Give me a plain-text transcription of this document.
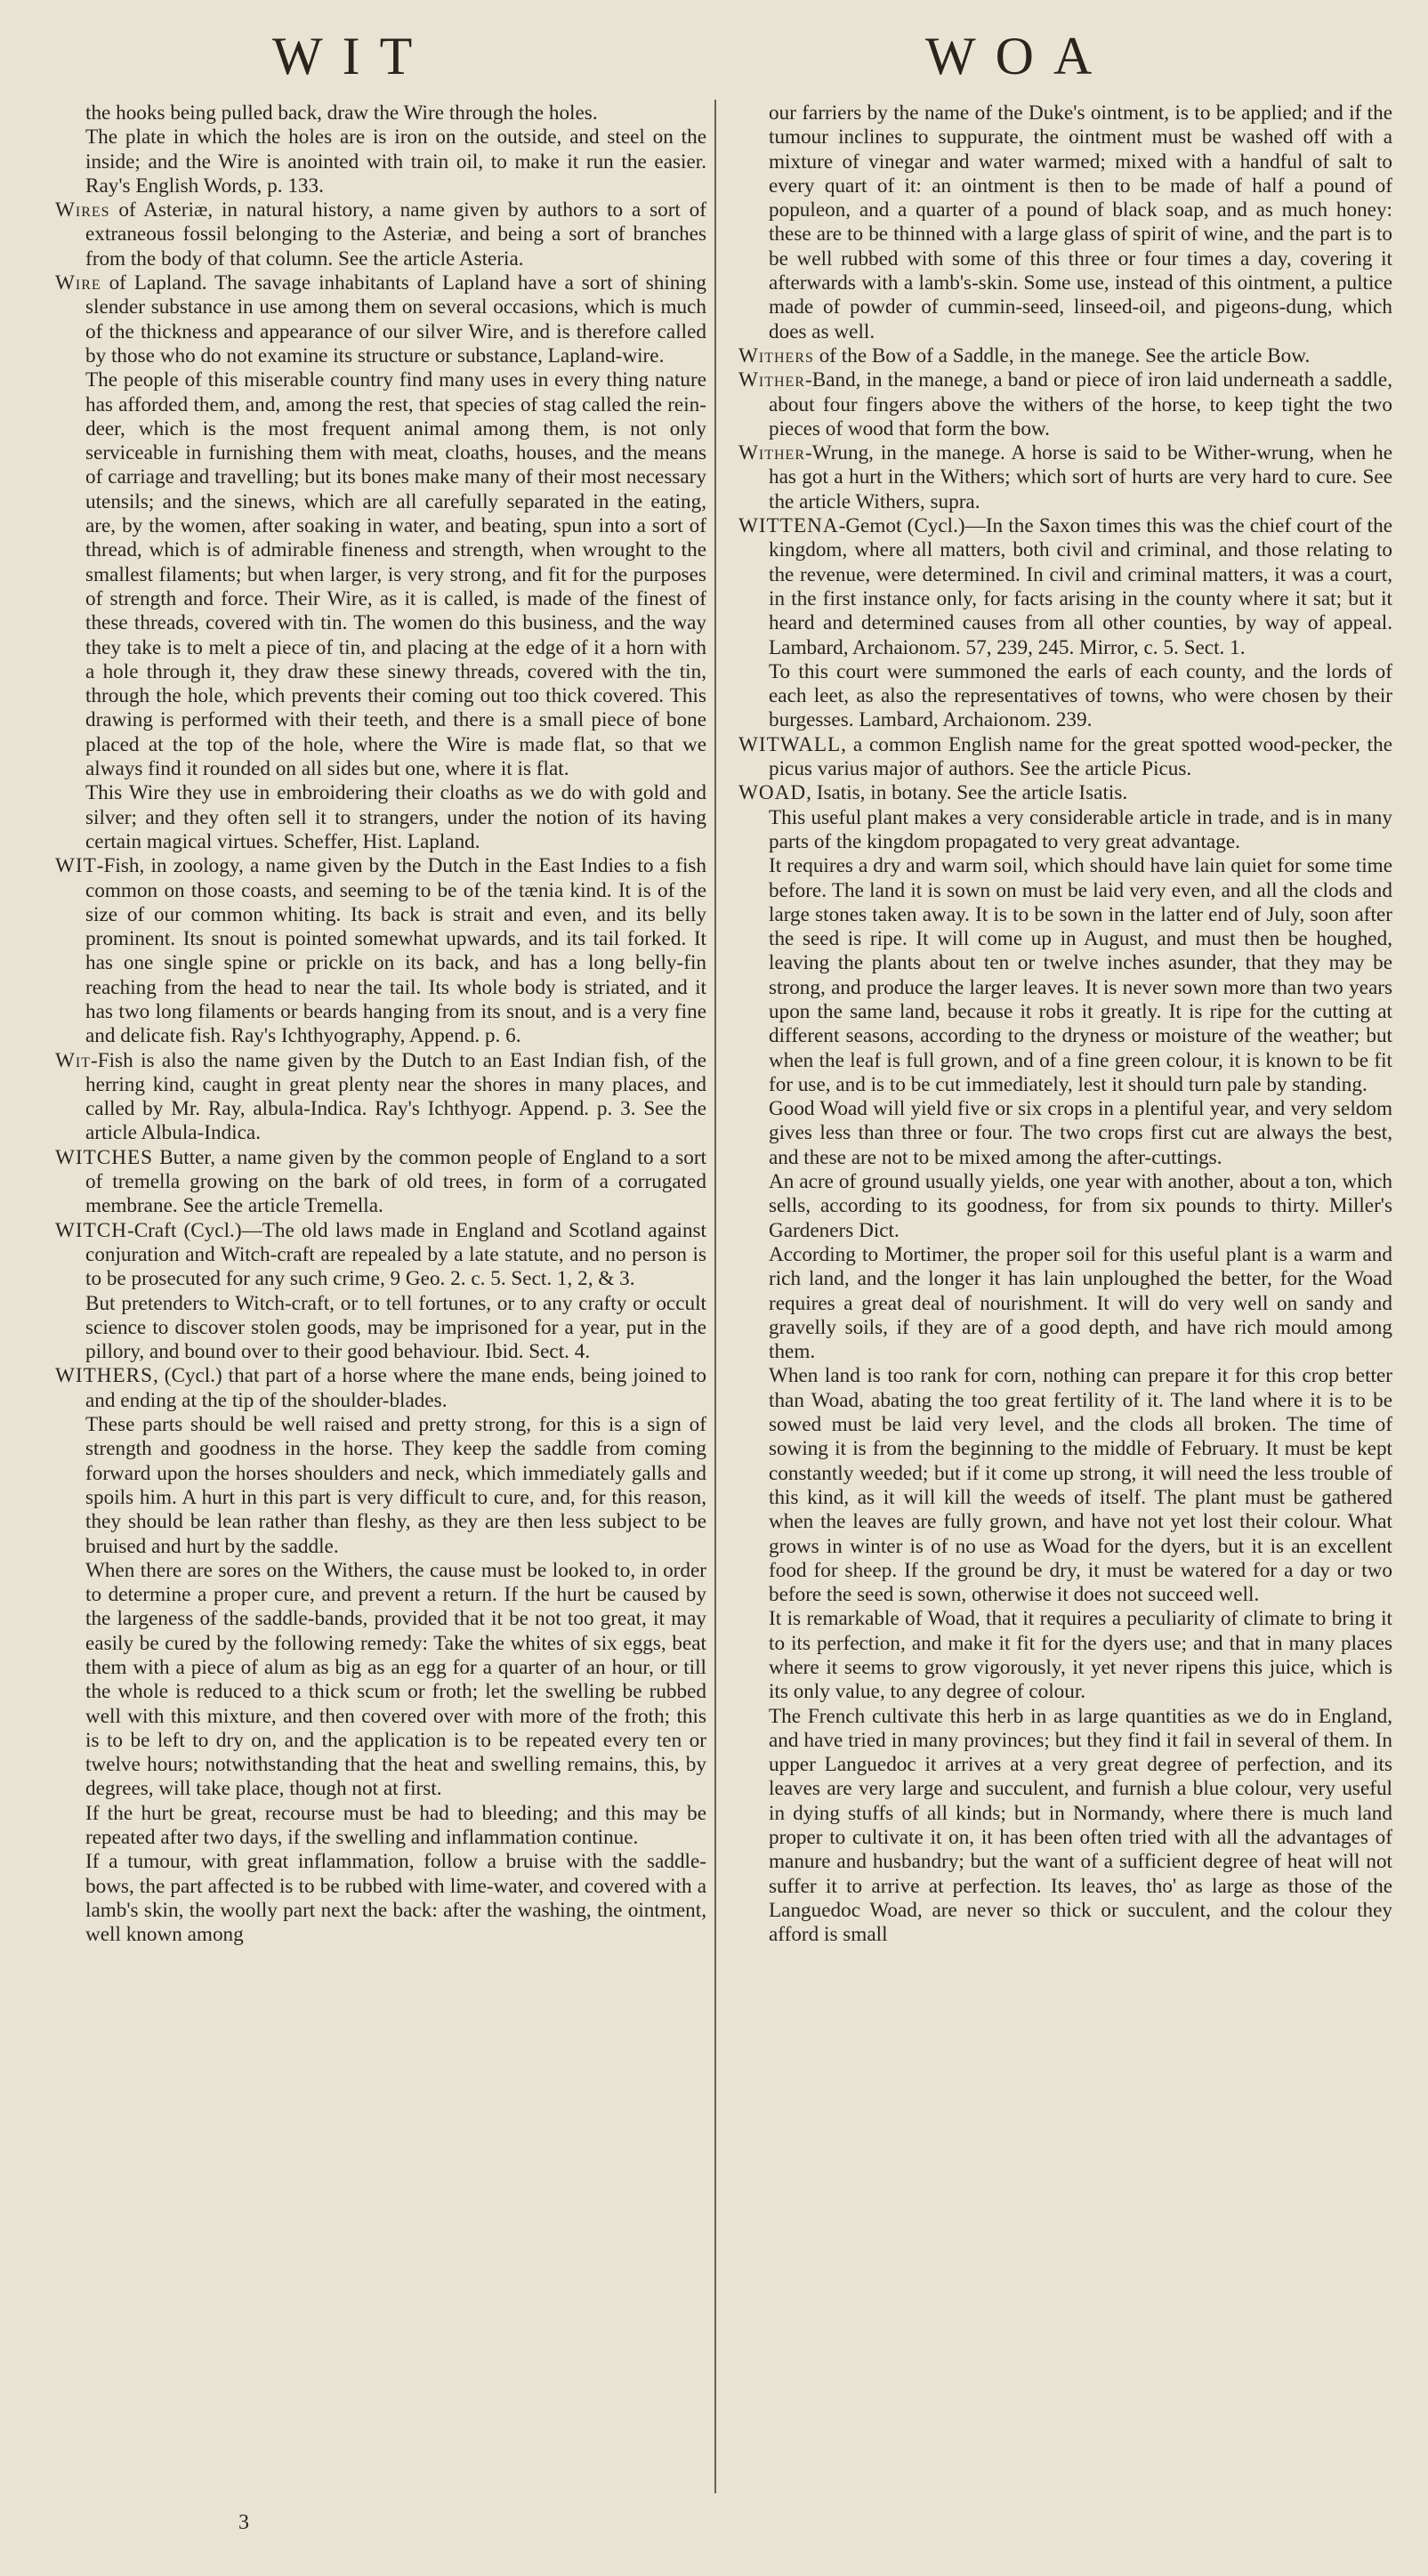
WIT	WOA

the hooks being pulled back, draw the Wire through the holes.

The plate in which the holes are is iron on the outside, and steel on the inside; and the Wire is anointed with train oil, to make it run the easier. Ray's English Words, p. 133.

Wires of Asteriæ, in natural history, a name given by authors to a sort of extraneous fossil belonging to the Asteriæ, and being a sort of branches from the body of that column. See the article Asteria.

Wire of Lapland. The savage inhabitants of Lapland have a sort of shining slender substance in use among them on several occasions, which is much of the thickness and appearance of our silver Wire, and is therefore called by those who do not examine its structure or substance, Lapland-wire.

The people of this miserable country find many uses in every thing nature has afforded them, and, among the rest, that species of stag called the rein-deer, which is the most frequent animal among them, is not only serviceable in furnishing them with meat, cloaths, houses, and the means of carriage and travelling; but its bones make many of their most necessary utensils; and the sinews, which are all carefully separated in the eating, are, by the women, after soaking in water, and beating, spun into a sort of thread, which is of admirable fineness and strength, when wrought to the smallest filaments; but when larger, is very strong, and fit for the purposes of strength and force. Their Wire, as it is called, is made of the finest of these threads, covered with tin. The women do this business, and the way they take is to melt a piece of tin, and placing at the edge of it a horn with a hole through it, they draw these sinewy threads, covered with the tin, through the hole, which prevents their coming out too thick covered. This drawing is performed with their teeth, and there is a small piece of bone placed at the top of the hole, where the Wire is made flat, so that we always find it rounded on all sides but one, where it is flat.

This Wire they use in embroidering their cloaths as we do with gold and silver; and they often sell it to strangers, under the notion of its having certain magical virtues. Scheffer, Hist. Lapland.

WIT-Fish, in zoology, a name given by the Dutch in the East Indies to a fish common on those coasts, and seeming to be of the tænia kind. It is of the size of our common whiting. Its back is strait and even, and its belly prominent. Its snout is pointed somewhat upwards, and its tail forked. It has one single spine or prickle on its back, and has a long belly-fin reaching from the head to near the tail. Its whole body is striated, and it has two long filaments or beards hanging from its snout, and is a very fine and delicate fish. Ray's Ichthyography, Append. p. 6.

Wit-Fish is also the name given by the Dutch to an East Indian fish, of the herring kind, caught in great plenty near the shores in many places, and called by Mr. Ray, albula-Indica. Ray's Ichthyogr. Append. p. 3. See the article Albula-Indica.

WITCHES Butter, a name given by the common people of England to a sort of tremella growing on the bark of old trees, in form of a corrugated membrane. See the article Tremella.

WITCH-Craft (Cycl.)—The old laws made in England and Scotland against conjuration and Witch-craft are repealed by a late statute, and no person is to be prosecuted for any such crime, 9 Geo. 2. c. 5. Sect. 1, 2, & 3.

But pretenders to Witch-craft, or to tell fortunes, or to any crafty or occult science to discover stolen goods, may be imprisoned for a year, put in the pillory, and bound over to their good behaviour. Ibid. Sect. 4.

WITHERS, (Cycl.) that part of a horse where the mane ends, being joined to and ending at the tip of the shoulder-blades.

These parts should be well raised and pretty strong, for this is a sign of strength and goodness in the horse. They keep the saddle from coming forward upon the horses shoulders and neck, which immediately galls and spoils him. A hurt in this part is very difficult to cure, and, for this reason, they should be lean rather than fleshy, as they are then less subject to be bruised and hurt by the saddle.

When there are sores on the Withers, the cause must be looked to, in order to determine a proper cure, and prevent a return. If the hurt be caused by the largeness of the saddle-bands, provided that it be not too great, it may easily be cured by the following remedy: Take the whites of six eggs, beat them with a piece of alum as big as an egg for a quarter of an hour, or till the whole is reduced to a thick scum or froth; let the swelling be rubbed well with this mixture, and then covered over with more of the froth; this is to be left to dry on, and the application is to be repeated every ten or twelve hours; notwithstanding that the heat and swelling remains, this, by degrees, will take place, though not at first.

If the hurt be great, recourse must be had to bleeding; and this may be repeated after two days, if the swelling and inflammation continue.

If a tumour, with great inflammation, follow a bruise with the saddle-bows, the part affected is to be rubbed with lime-water, and covered with a lamb's skin, the woolly part next the back: after the washing, the ointment, well known among

our farriers by the name of the Duke's ointment, is to be applied; and if the tumour inclines to suppurate, the ointment must be washed off with a mixture of vinegar and water warmed; mixed with a handful of salt to every quart of it: an ointment is then to be made of half a pound of populeon, and a quarter of a pound of black soap, and as much honey: these are to be thinned with a large glass of spirit of wine, and the part is to be well rubbed with some of this three or four times a day, covering it afterwards with a lamb's-skin. Some use, instead of this ointment, a pultice made of powder of cummin-seed, linseed-oil, and pigeons-dung, which does as well.

Withers of the Bow of a Saddle, in the manege. See the article Bow.

Wither-Band, in the manege, a band or piece of iron laid underneath a saddle, about four fingers above the withers of the horse, to keep tight the two pieces of wood that form the bow.

Wither-Wrung, in the manege. A horse is said to be Wither-wrung, when he has got a hurt in the Withers; which sort of hurts are very hard to cure. See the article Withers, supra.

WITTENA-Gemot (Cycl.)—In the Saxon times this was the chief court of the kingdom, where all matters, both civil and criminal, and those relating to the revenue, were determined. In civil and criminal matters, it was a court, in the first instance only, for facts arising in the county where it sat; but it heard and determined causes from all other counties, by way of appeal. Lambard, Archaionom. 57, 239, 245. Mirror, c. 5. Sect. 1.

To this court were summoned the earls of each county, and the lords of each leet, as also the representatives of towns, who were chosen by their burgesses. Lambard, Archaionom. 239.

WITWALL, a common English name for the great spotted wood-pecker, the picus varius major of authors. See the article Picus.

WOAD, Isatis, in botany. See the article Isatis.

This useful plant makes a very considerable article in trade, and is in many parts of the kingdom propagated to very great advantage.

It requires a dry and warm soil, which should have lain quiet for some time before. The land it is sown on must be laid very even, and all the clods and large stones taken away. It is to be sown in the latter end of July, soon after the seed is ripe. It will come up in August, and must then be houghed, leaving the plants about ten or twelve inches asunder, that they may be strong, and produce the larger leaves. It is never sown more than two years upon the same land, because it robs it greatly. It is ripe for the cutting at different seasons, according to the dryness or moisture of the weather; but when the leaf is full grown, and of a fine green colour, it is known to be fit for use, and is to be cut immediately, lest it should turn pale by standing.

Good Woad will yield five or six crops in a plentiful year, and very seldom gives less than three or four. The two crops first cut are always the best, and these are not to be mixed among the after-cuttings.

An acre of ground usually yields, one year with another, about a ton, which sells, according to its goodness, for from six pounds to thirty. Miller's Gardeners Dict.

According to Mortimer, the proper soil for this useful plant is a warm and rich land, and the longer it has lain unploughed the better, for the Woad requires a great deal of nourishment. It will do very well on sandy and gravelly soils, if they are of a good depth, and have rich mould among them.

When land is too rank for corn, nothing can prepare it for this crop better than Woad, abating the too great fertility of it. The land where it is to be sowed must be laid very level, and the clods all broken. The time of sowing it is from the beginning to the middle of February. It must be kept constantly weeded; but if it come up strong, it will need the less trouble of this kind, as it will kill the weeds of itself. The plant must be gathered when the leaves are fully grown, and have not yet lost their colour. What grows in winter is of no use as Woad for the dyers, but it is an excellent food for sheep. If the ground be dry, it must be watered for a day or two before the seed is sown, otherwise it does not succeed well.

It is remarkable of Woad, that it requires a peculiarity of climate to bring it to its perfection, and make it fit for the dyers use; and that in many places where it seems to grow vigorously, it yet never ripens this juice, which is its only value, to any degree of colour.

The French cultivate this herb in as large quantities as we do in England, and have tried in many provinces; but they find it fail in several of them. In upper Languedoc it arrives at a very great degree of perfection, and its leaves are very large and succulent, and furnish a blue colour, very useful in dying stuffs of all kinds; but in Normandy, where there is much land proper to cultivate it on, it has been often tried with all the advantages of manure and husbandry; but the want of a sufficient degree of heat will not suffer it to arrive at perfection. Its leaves, tho' as large as those of the Languedoc Woad, are never so thick or succulent, and the colour they afford is small

3
